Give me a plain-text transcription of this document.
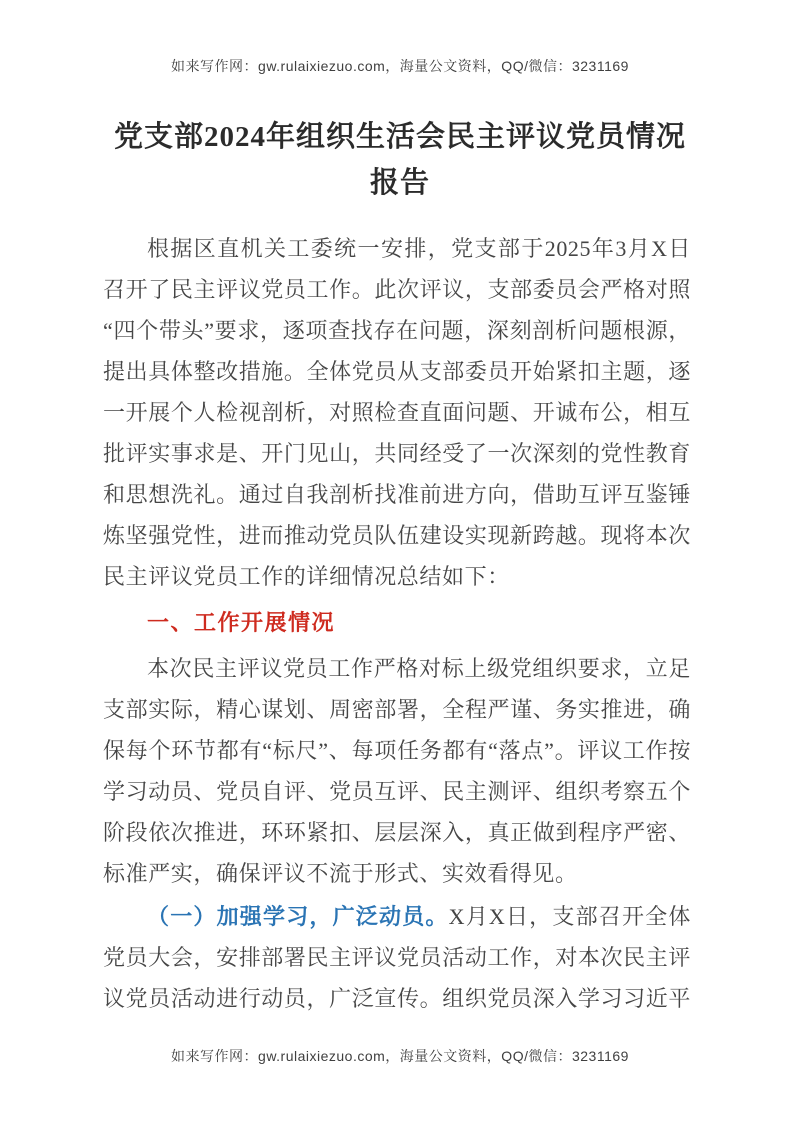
如来写作网：gw.rulaixiezuo.com，海量公文资料，QQ/微信：3231169
党支部2024年组织生活会民主评议党员情况报告

根据区直机关工委统一安排，党支部于2025年3月X日召开了民主评议党员工作。此次评议，支部委员会严格对照“四个带头”要求，逐项查找存在问题，深刻剖析问题根源，提出具体整改措施。全体党员从支部委员开始紧扣主题，逐一开展个人检视剖析，对照检查直面问题、开诚布公，相互批评实事求是、开门见山，共同经受了一次深刻的党性教育和思想洗礼。通过自我剖析找准前进方向，借助互评互鉴锤炼坚强党性，进而推动党员队伍建设实现新跨越。现将本次民主评议党员工作的详细情况总结如下：

一、工作开展情况

本次民主评议党员工作严格对标上级党组织要求，立足支部实际，精心谋划、周密部署，全程严谨、务实推进，确保每个环节都有“标尺”、每项任务都有“落点”。评议工作按学习动员、党员自评、党员互评、民主测评、组织考察五个阶段依次推进，环环紧扣、层层深入，真正做到程序严密、标准严实，确保评议不流于形式、实效看得见。

（一）加强学习，广泛动员。X月X日，支部召开全体党员大会，安排部署民主评议党员活动工作，对本次民主评议党员活动进行动员，广泛宣传。组织党员深入学习习近平

如来写作网：gw.rulaixiezuo.com，海量公文资料，QQ/微信：3231169
